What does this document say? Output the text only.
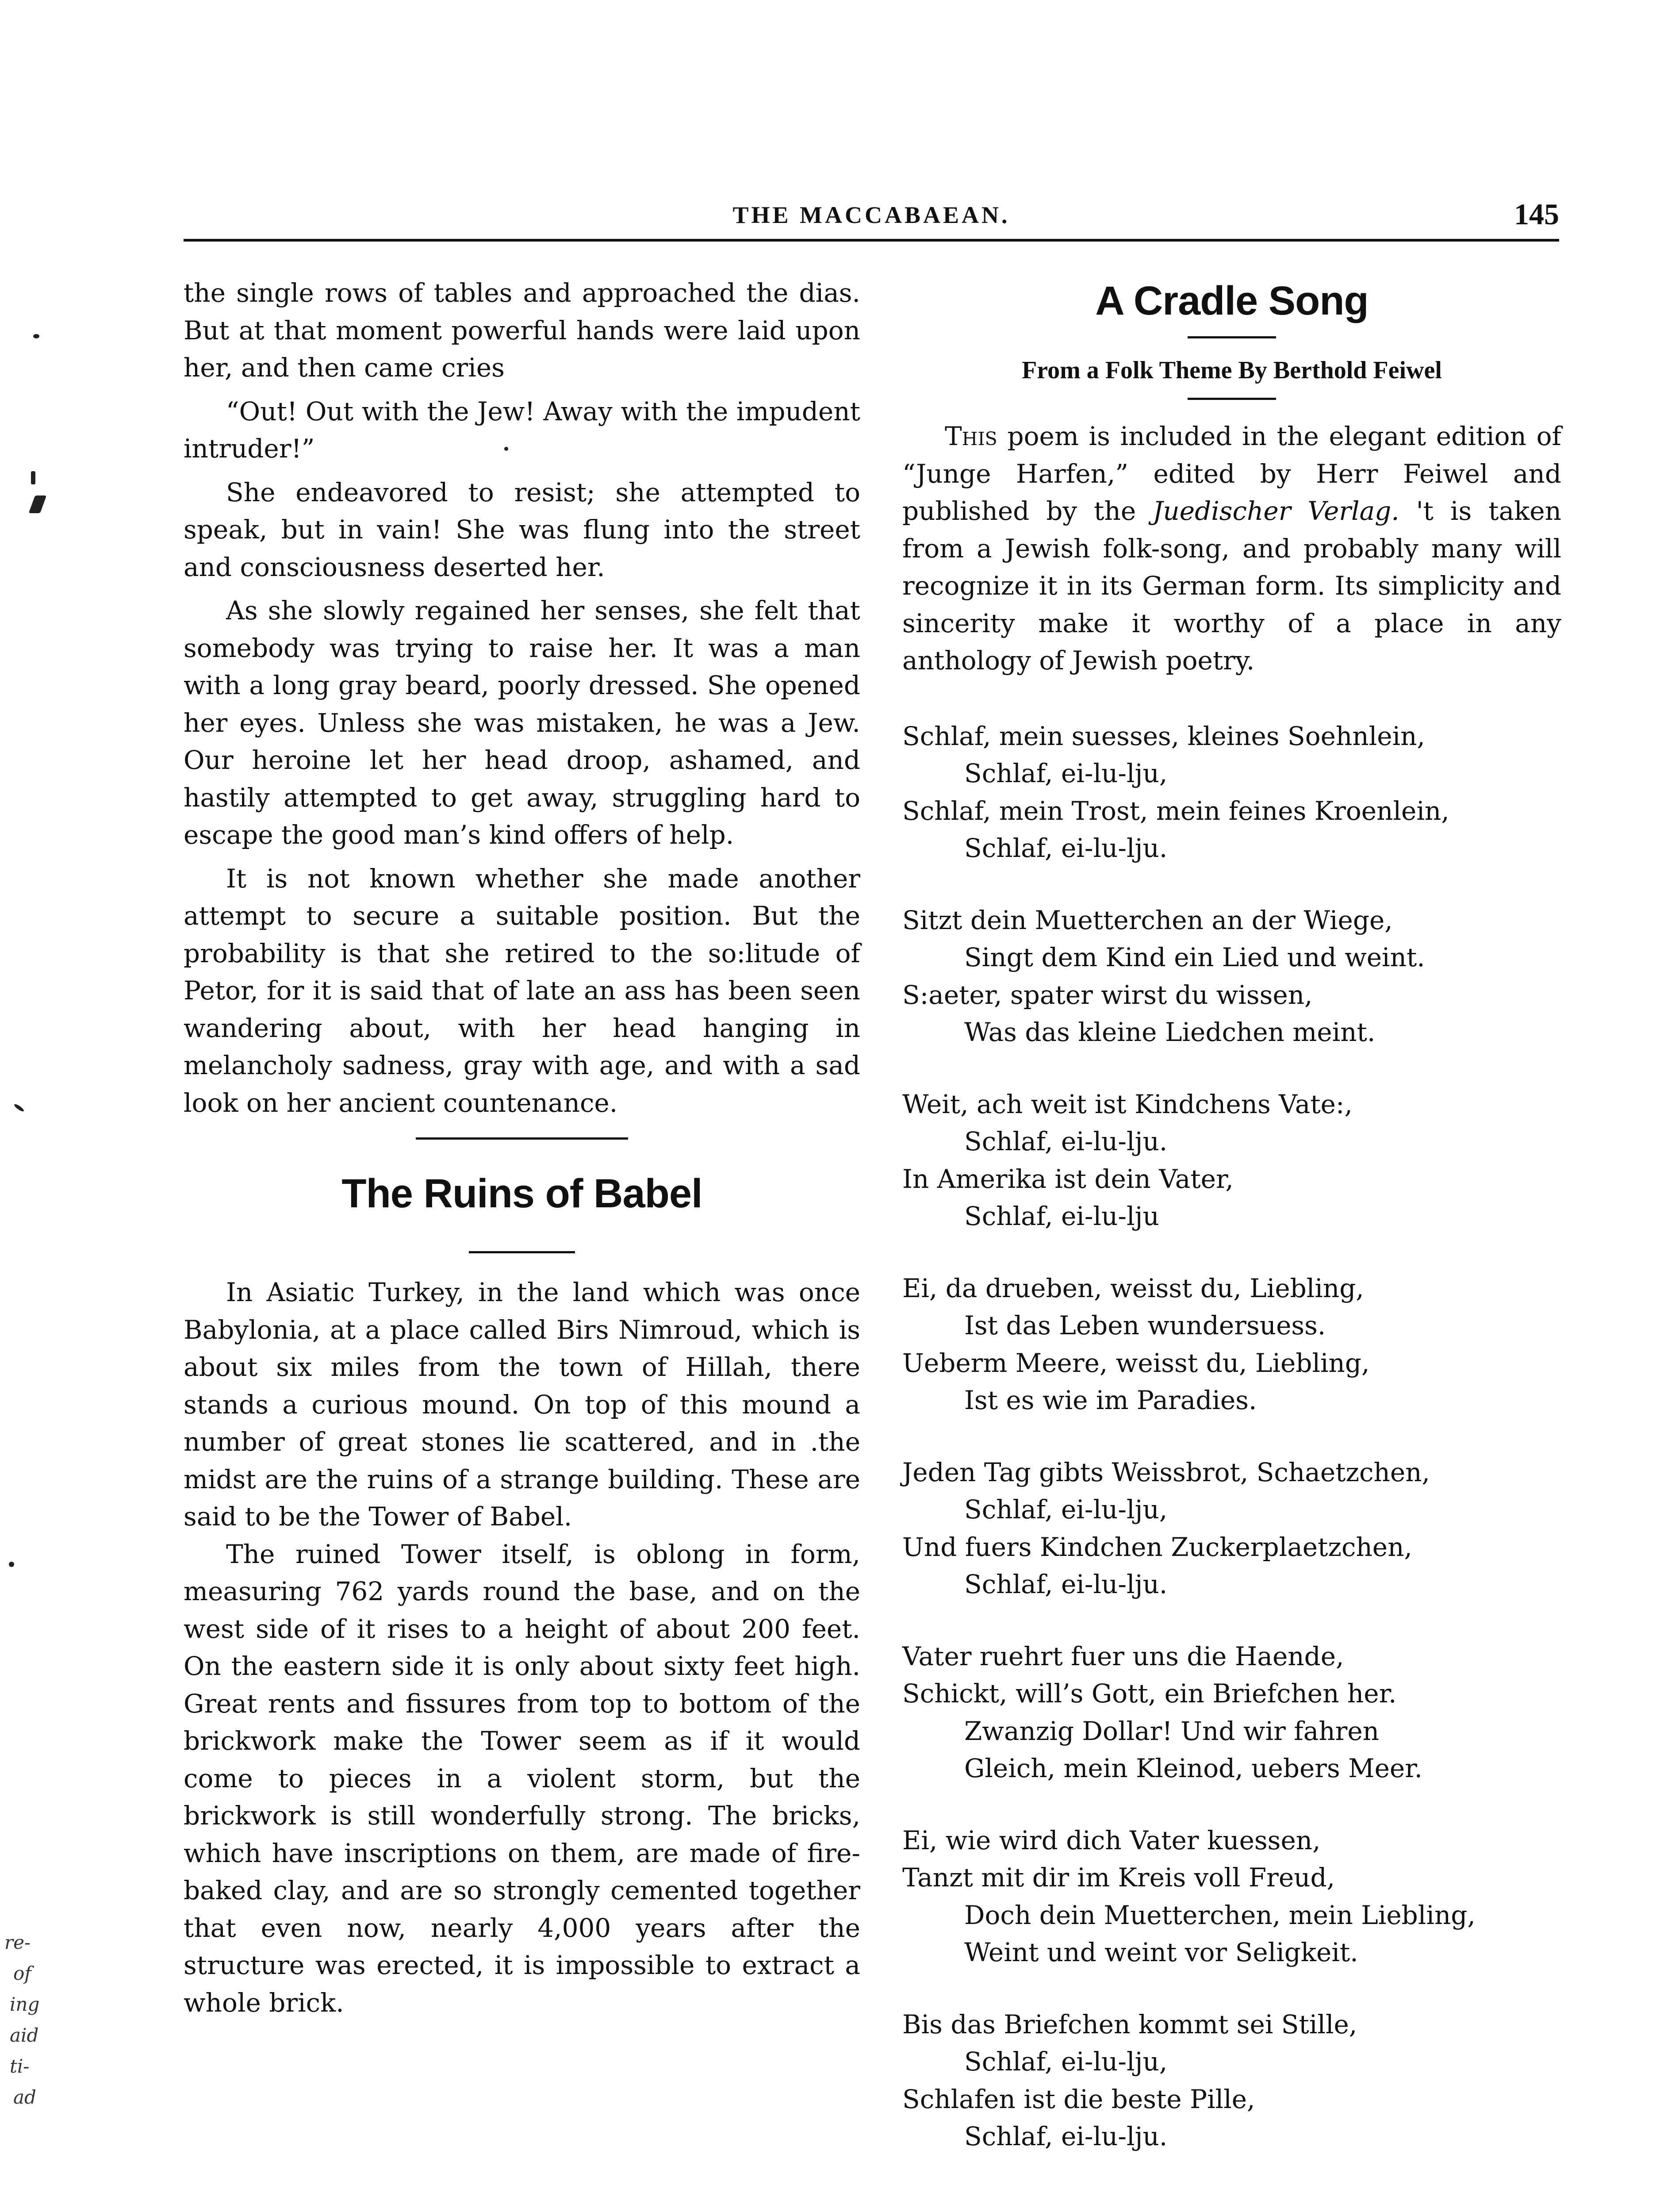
THE MACCABAEAN.	145

the single rows of tables and approached the dias. But at that moment powerful hands were laid upon her, and then came cries

“Out! Out with the Jew! Away with the impudent intruder!”

She endeavored to resist; she attempted to speak, but in vain! She was flung into the street and consciousness deserted her.

As she slowly regained her senses, she felt that somebody was trying to raise her. It was a man with a long gray beard, poorly dressed. She opened her eyes. Unless she was mistaken, he was a Jew. Our heroine let her head droop, ashamed, and hastily attempted to get away, struggling hard to escape the good man’s kind offers of help.

It is not known whether she made another attempt to secure a suitable position. But the probability is that she retired to the so:litude of Petor, for it is said that of late an ass has been seen wandering about, with her head hanging in melancholy sadness, gray with age, and with a sad look on her ancient countenance.

The Ruins of Babel

In Asiatic Turkey, in the land which was once Babylonia, at a place called Birs Nimroud, which is about six miles from the town of Hillah, there stands a curious mound. On top of this mound a number of great stones lie scattered, and in .the midst are the ruins of a strange building. These are said to be the Tower of Babel.

The ruined Tower itself, is oblong in form, measuring 762 yards round the base, and on the west side of it rises to a height of about 200 feet. On the eastern side it is only about sixty feet high. Great rents and fissures from top to bottom of the brickwork make the Tower seem as if it would come to pieces in a violent storm, but the brickwork is still wonderfully strong. The bricks, which have inscriptions on them, are made of fire-baked clay, and are so strongly cemented together that even now, nearly 4,000 years after the structure was erected, it is impossible to extract a whole brick.

A Cradle Song

From a Folk Theme By Berthold Feiwel

This poem is included in the elegant edition of “Junge Harfen,” edited by Herr Feiwel and published by the Juedischer Verlag. 't is taken from a Jewish folk-song, and probably many will recognize it in its German form. Its simplicity and sincerity make it worthy of a place in any anthology of Jewish poetry.

Schlaf, mein suesses, kleines Soehnlein,
Schlaf, ei-lu-lju,
Schlaf, mein Trost, mein feines Kroenlein,
Schlaf, ei-lu-lju.
Sitzt dein Muetterchen an der Wiege,
Singt dem Kind ein Lied und weint.
S:aeter, spater wirst du wissen,
Was das kleine Liedchen meint.
Weit, ach weit ist Kindchens Vate:,
Schlaf, ei-lu-lju.
In Amerika ist dein Vater,
Schlaf, ei-lu-lju
Ei, da drueben, weisst du, Liebling,
Ist das Leben wundersuess.
Ueberm Meere, weisst du, Liebling,
Ist es wie im Paradies.
Jeden Tag gibts Weissbrot, Schaetzchen,
Schlaf, ei-lu-lju,
Und fuers Kindchen Zuckerplaetzchen,
Schlaf, ei-lu-lju.
Vater ruehrt fuer uns die Haende,
Schickt, will’s Gott, ein Briefchen her.
Zwanzig Dollar! Und wir fahren
Gleich, mein Kleinod, uebers Meer.
Ei, wie wird dich Vater kuessen,
Tanzt mit dir im Kreis voll Freud,
Doch dein Muetterchen, mein Liebling,
Weint und weint vor Seligkeit.
Bis das Briefchen kommt sei Stille,
Schlaf, ei-lu-lju,
Schlafen ist die beste Pille,
Schlaf, ei-lu-lju.
re-
of
ing
aid
ti-
ad
